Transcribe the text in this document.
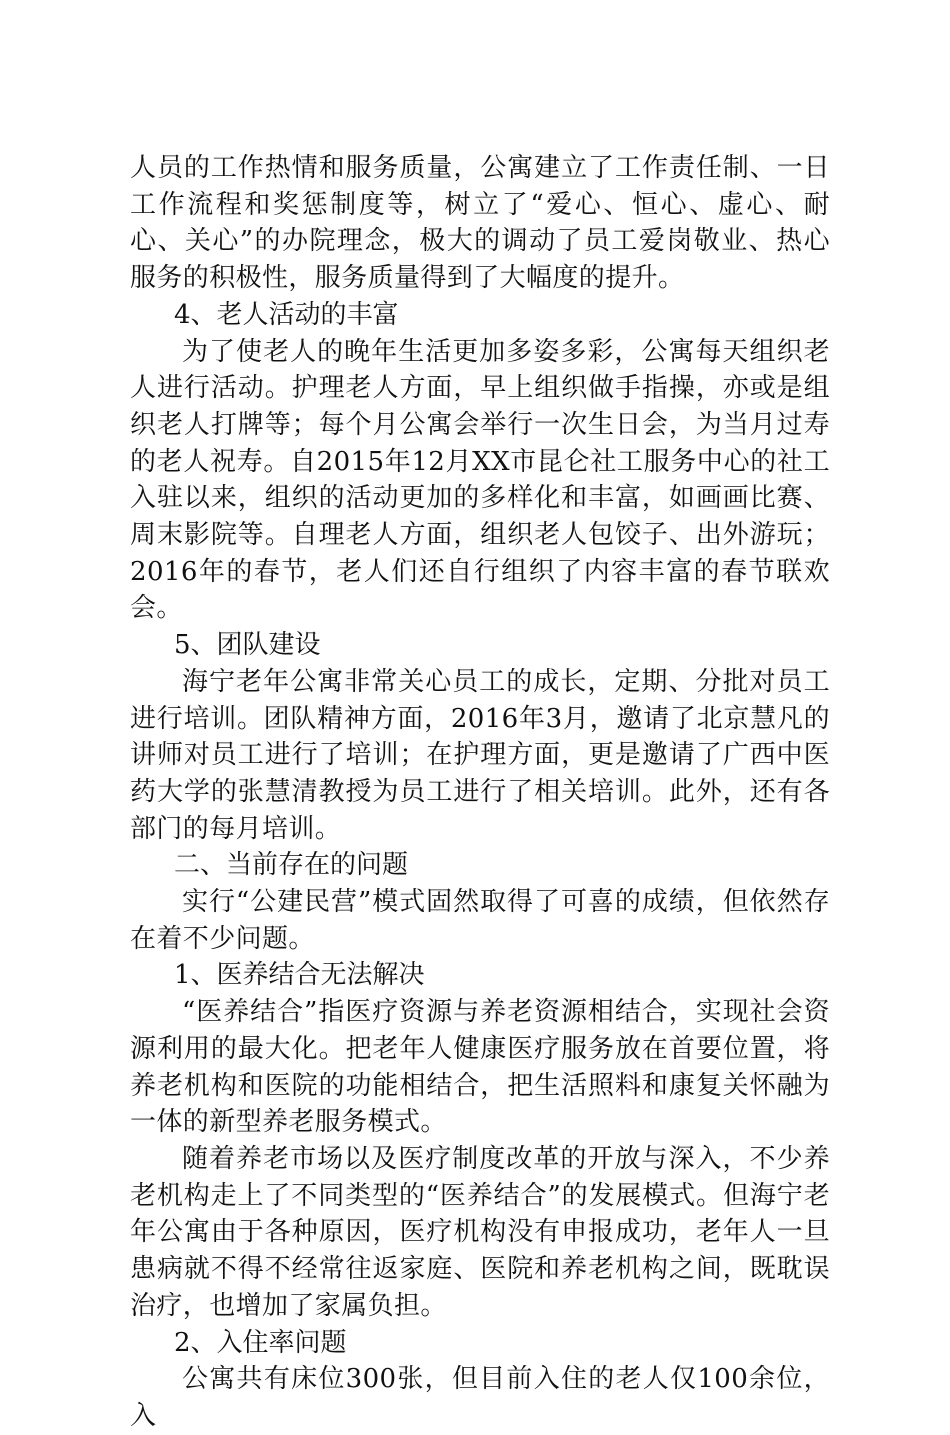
人员的工作热情和服务质量，公寓建立了工作责任制、一日工作流程和奖惩制度等，树立了“爱心、恒心、虚心、耐心、关心”的办院理念，极大的调动了员工爱岗敬业、热心服务的积极性，服务质量得到了大幅度的提升。

4、老人活动的丰富

为了使老人的晚年生活更加多姿多彩，公寓每天组织老人进行活动。护理老人方面，早上组织做手指操，亦或是组织老人打牌等；每个月公寓会举行一次生日会，为当月过寿的老人祝寿。自2015年12月XX市昆仑社工服务中心的社工入驻以来，组织的活动更加的多样化和丰富，如画画比赛、周末影院等。自理老人方面，组织老人包饺子、出外游玩；2016年的春节，老人们还自行组织了内容丰富的春节联欢会。

5、团队建设

海宁老年公寓非常关心员工的成长，定期、分批对员工进行培训。团队精神方面，2016年3月，邀请了北京慧凡的讲师对员工进行了培训；在护理方面，更是邀请了广西中医药大学的张慧清教授为员工进行了相关培训。此外，还有各部门的每月培训。

二、当前存在的问题

实行“公建民营”模式固然取得了可喜的成绩，但依然存在着不少问题。

1、医养结合无法解决

“医养结合”指医疗资源与养老资源相结合，实现社会资源利用的最大化。把老年人健康医疗服务放在首要位置，将养老机构和医院的功能相结合，把生活照料和康复关怀融为一体的新型养老服务模式。

随着养老市场以及医疗制度改革的开放与深入，不少养老机构走上了不同类型的“医养结合”的发展模式。但海宁老年公寓由于各种原因，医疗机构没有申报成功，老年人一旦患病就不得不经常往返家庭、医院和养老机构之间，既耽误治疗，也增加了家属负担。

2、入住率问题

公寓共有床位300张，但目前入住的老人仅100余位，入
